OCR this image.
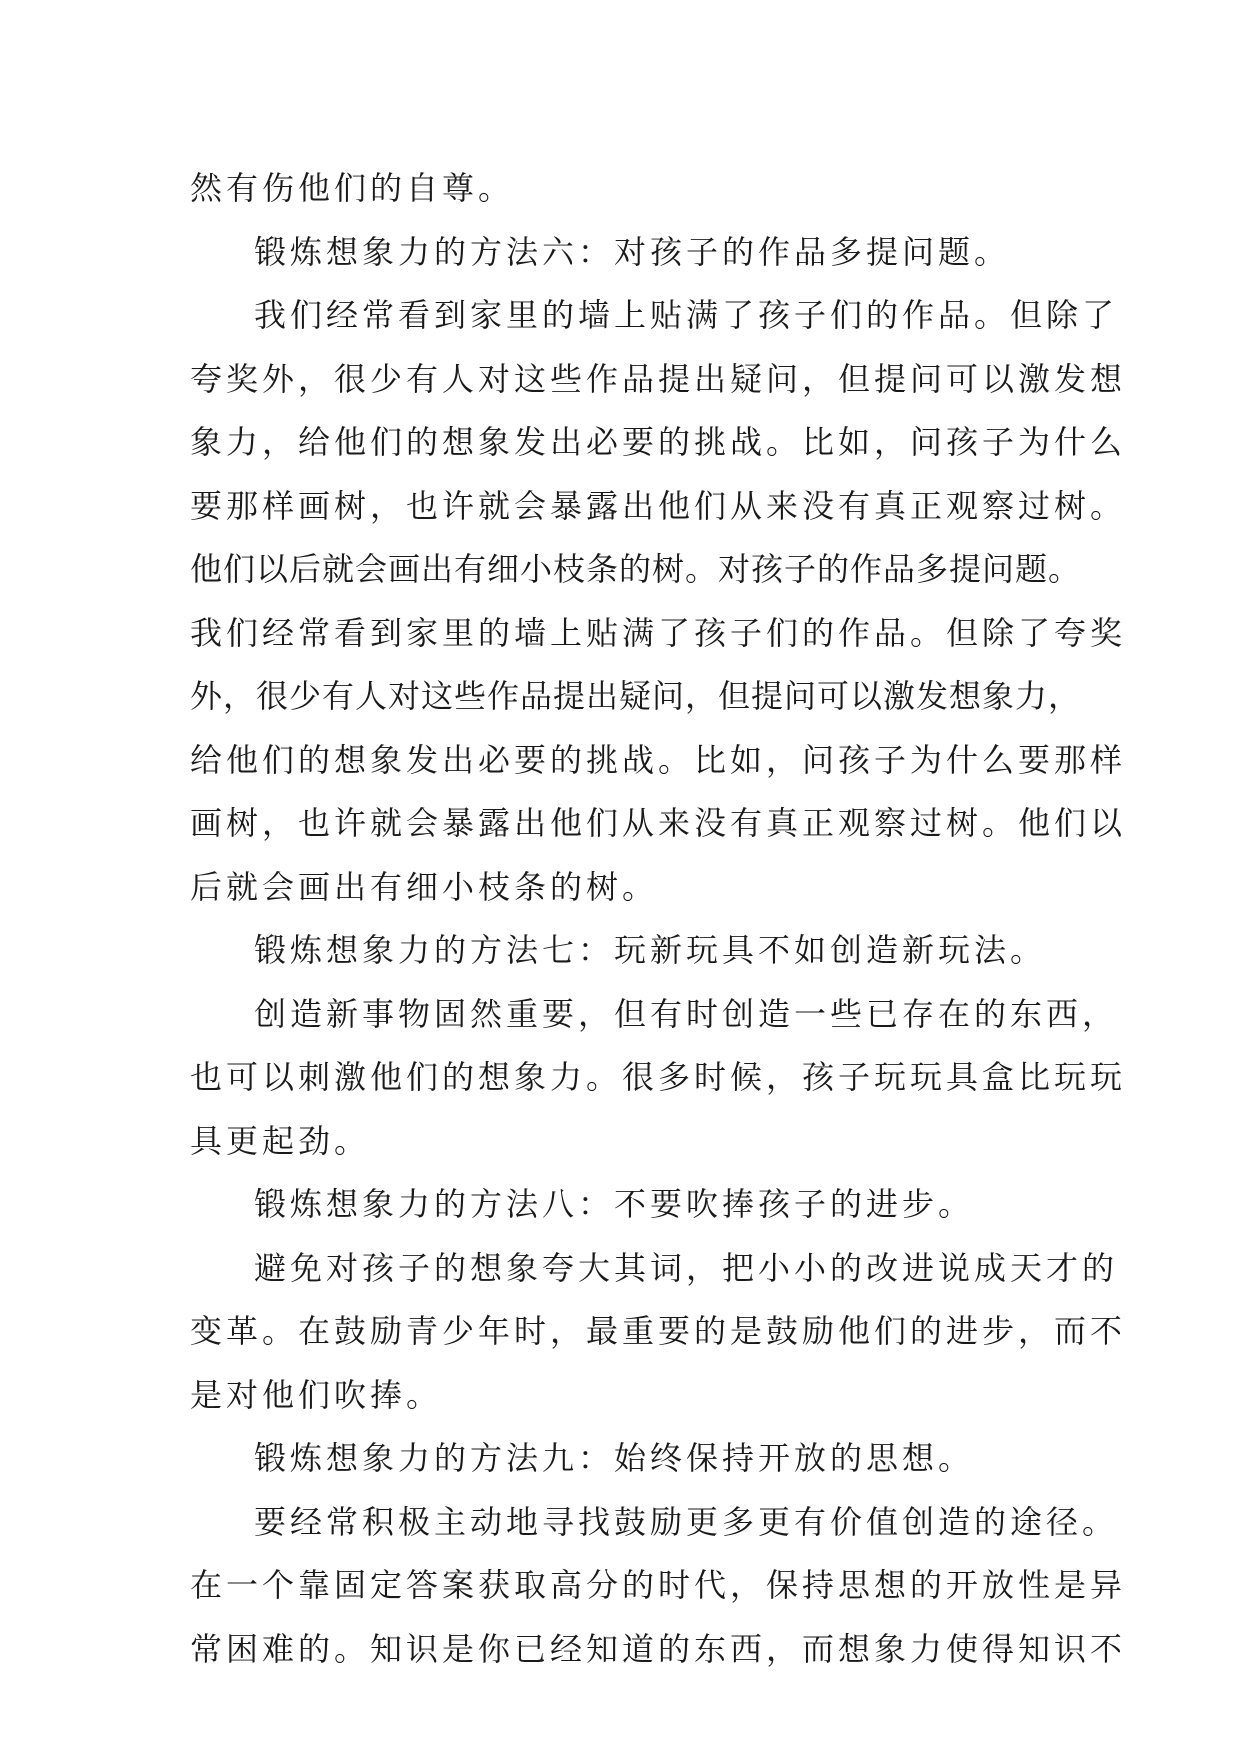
然有伤他们的自尊。
锻炼想象力的方法六：对孩子的作品多提问题。
我们经常看到家里的墙上贴满了孩子们的作品。但除了
夸奖外，很少有人对这些作品提出疑问，但提问可以激发想
象力，给他们的想象发出必要的挑战。比如，问孩子为什么
要那样画树，也许就会暴露出他们从来没有真正观察过树。
他们以后就会画出有细小枝条的树。对孩子的作品多提问题。
我们经常看到家里的墙上贴满了孩子们的作品。但除了夸奖
外，很少有人对这些作品提出疑问，但提问可以激发想象力，
给他们的想象发出必要的挑战。比如，问孩子为什么要那样
画树，也许就会暴露出他们从来没有真正观察过树。他们以
后就会画出有细小枝条的树。
锻炼想象力的方法七：玩新玩具不如创造新玩法。
创造新事物固然重要，但有时创造一些已存在的东西，
也可以刺激他们的想象力。很多时候，孩子玩玩具盒比玩玩
具更起劲。
锻炼想象力的方法八：不要吹捧孩子的进步。
避免对孩子的想象夸大其词，把小小的改进说成天才的
变革。在鼓励青少年时，最重要的是鼓励他们的进步，而不
是对他们吹捧。
锻炼想象力的方法九：始终保持开放的思想。
要经常积极主动地寻找鼓励更多更有价值创造的途径。
在一个靠固定答案获取高分的时代，保持思想的开放性是异
常困难的。知识是你已经知道的东西，而想象力使得知识不
